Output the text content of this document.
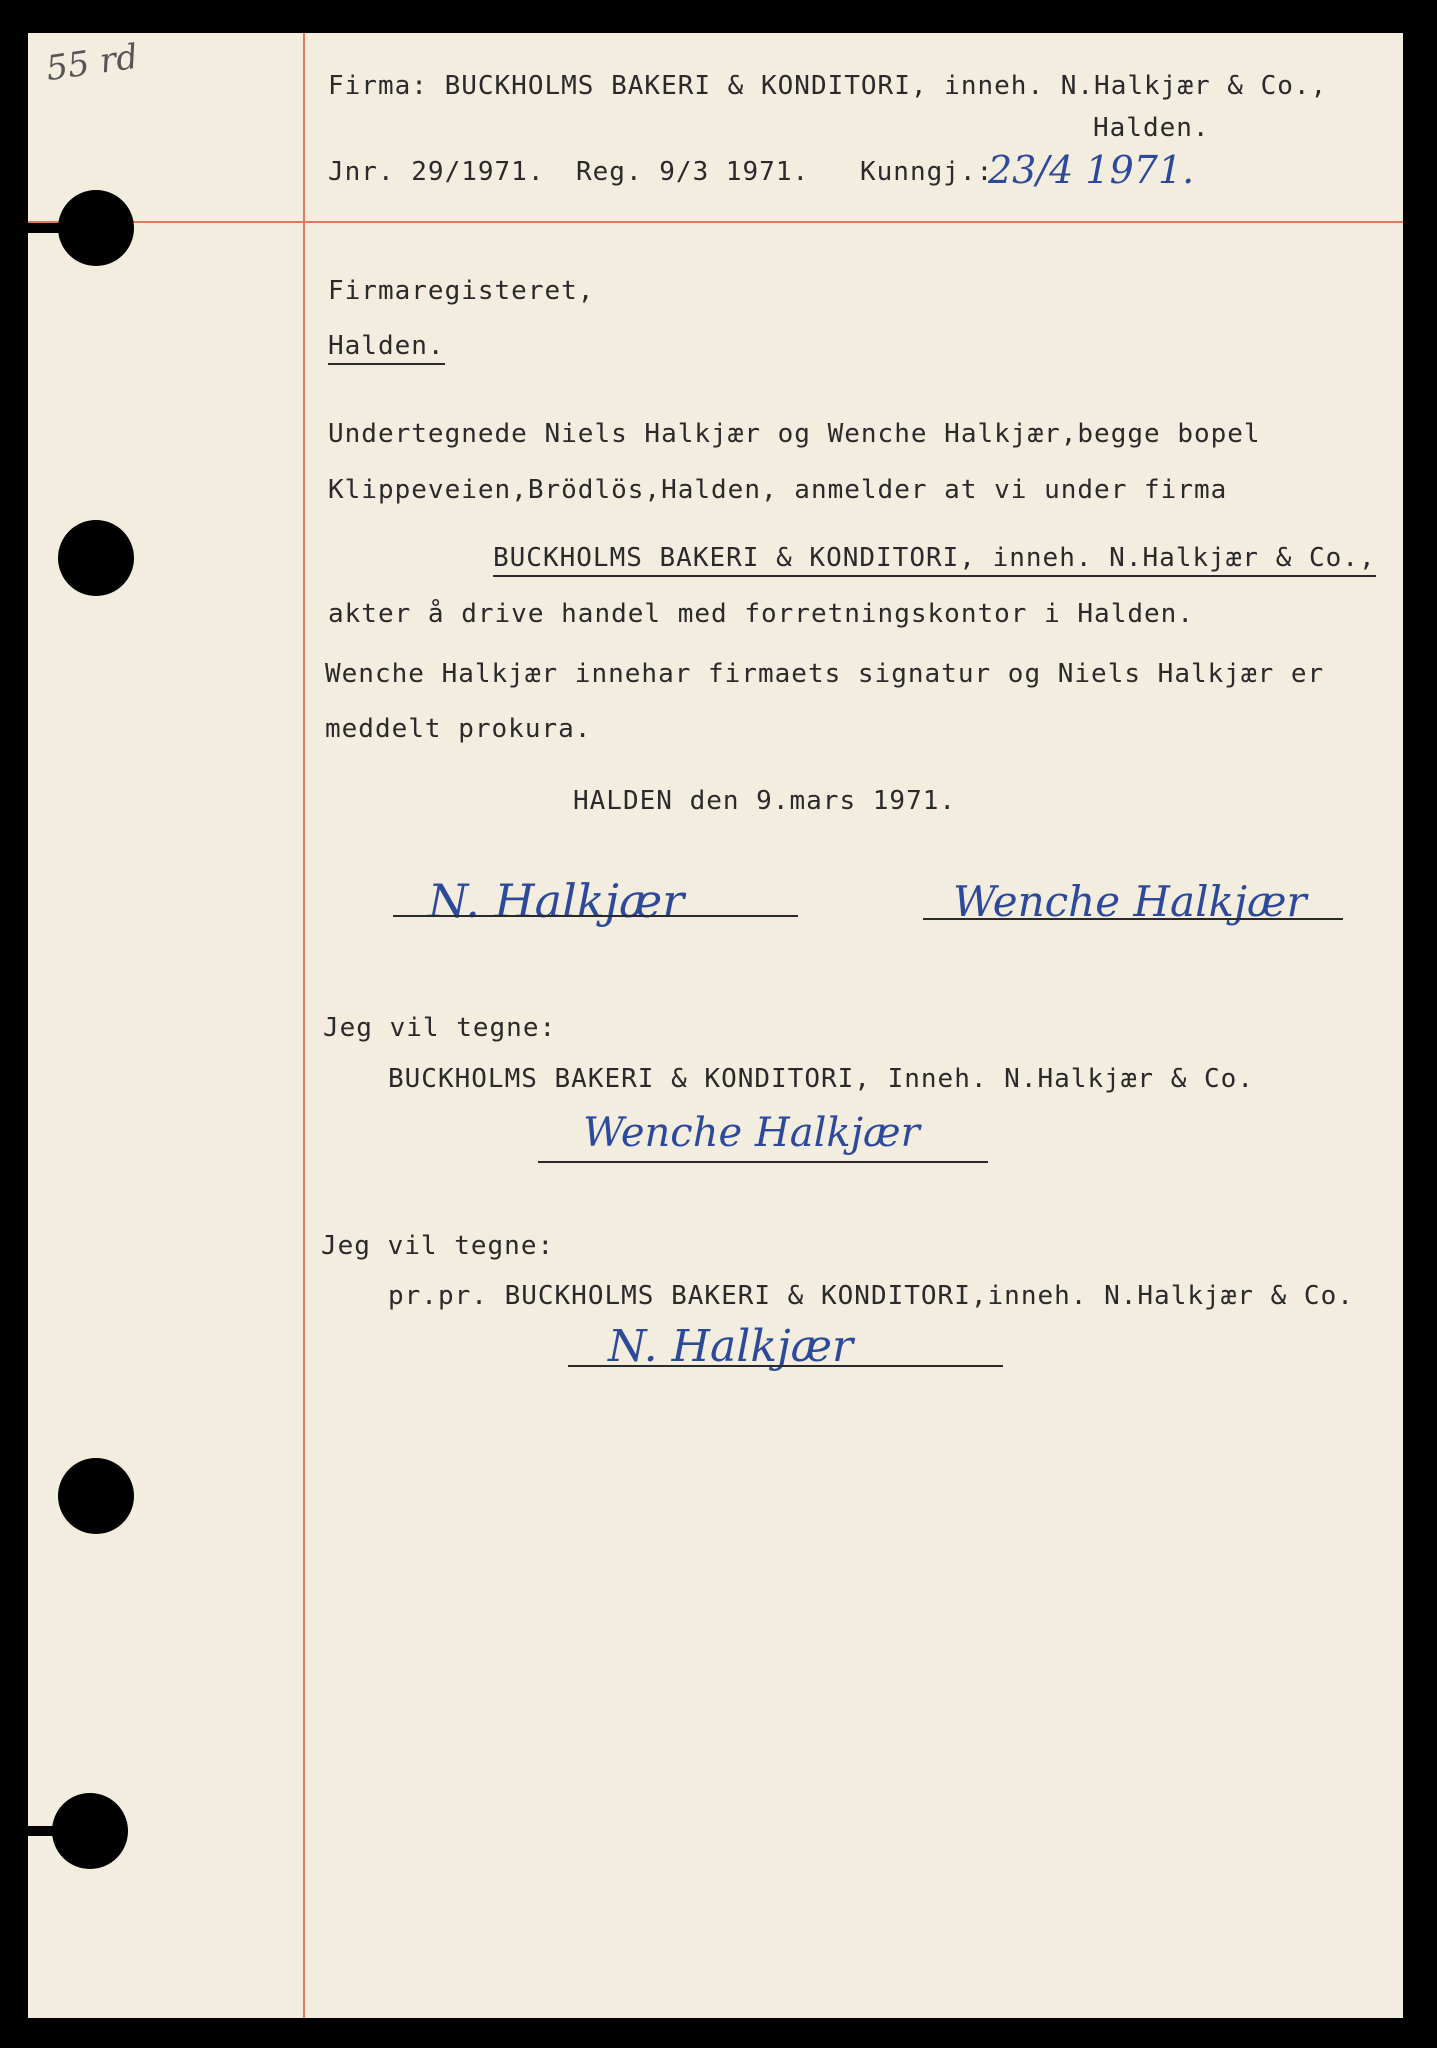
55 rd	Firma: BUCKHOLMS BAKERI & KONDITORI, inneh. N.Halkjær & Co.,
Halden.
Jnr. 29/1971. Reg. 9/3 1971. Kunngj.:
23/4 1971.
Firmaregisteret,
Halden.
Undertegnede Niels Halkjær og Wenche Halkjær,begge bopel
Klippeveien,Brödlös,Halden, anmelder at vi under firma
BUCKHOLMS BAKERI & KONDITORI, inneh. N.Halkjær & Co.,
akter å drive handel med forretningskontor i Halden.
Wenche Halkjær innehar firmaets signatur og Niels Halkjær er
meddelt prokura.
HALDEN den 9.mars 1971.
N. Halkjær	Wenche Halkjær
Jeg vil tegne:
BUCKHOLMS BAKERI & KONDITORI, Inneh. N.Halkjær & Co.
Wenche Halkjær
Jeg vil tegne:
pr.pr. BUCKHOLMS BAKERI & KONDITORI,inneh. N.Halkjær & Co.
N. Halkjær
